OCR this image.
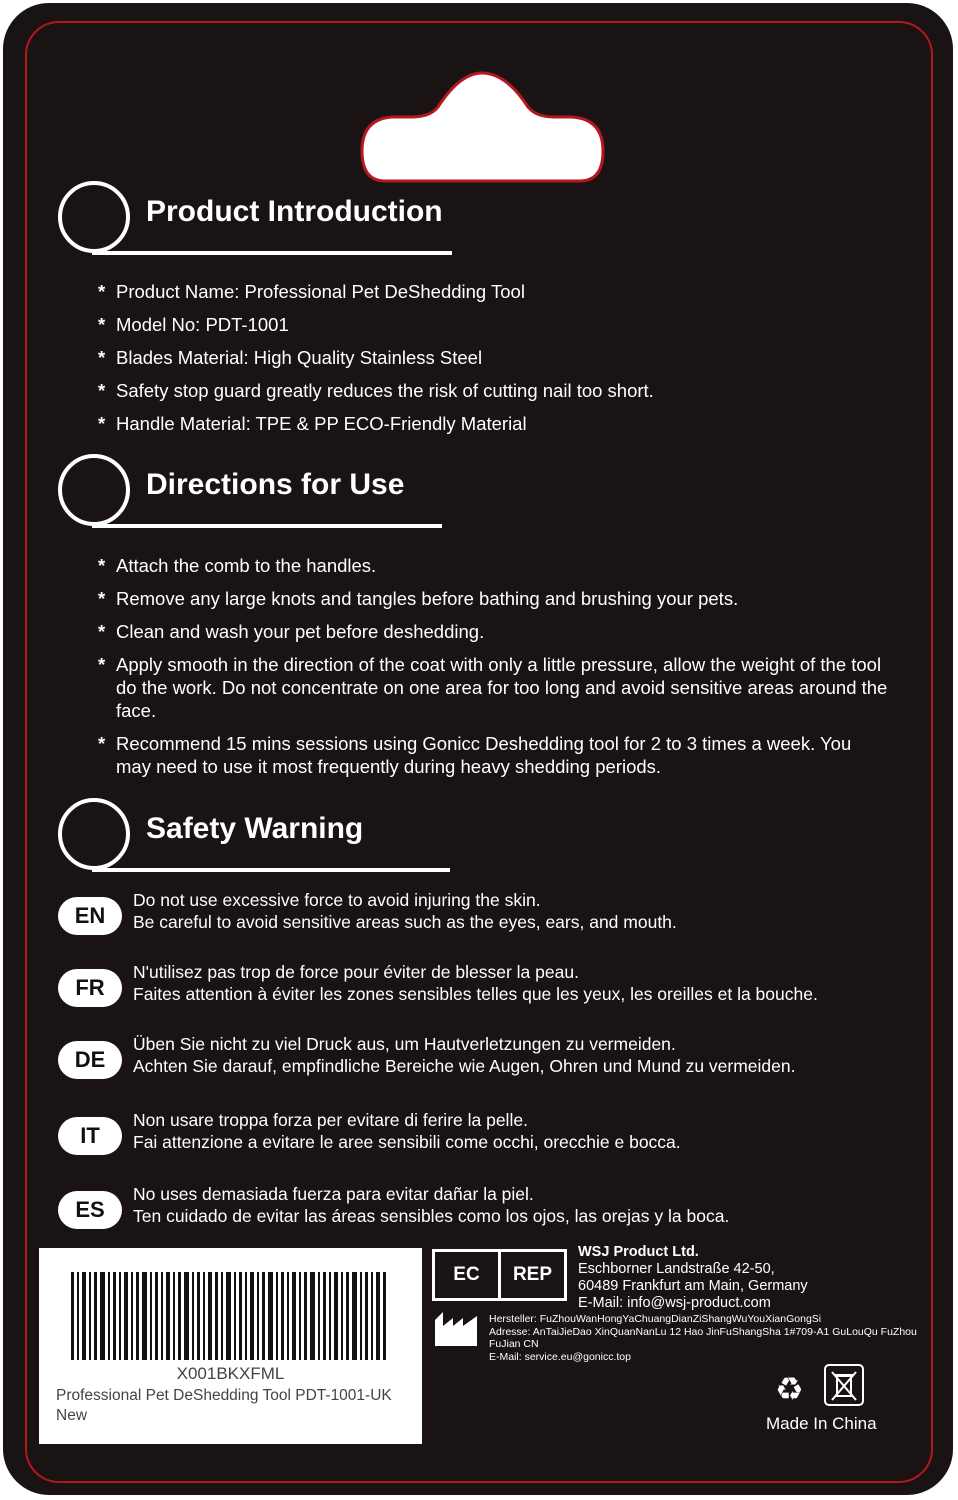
Product Introduction
* Product Name: Professional Pet DeShedding Tool
* Model No: PDT-1001
* Blades Material: High Quality Stainless Steel
* Safety stop guard greatly reduces the risk of cutting nail too short.
* Handle Material: TPE & PP ECO-Friendly Material
Directions for Use
* Attach the comb to the handles.
* Remove any large knots and tangles before bathing and brushing your pets.
* Clean and wash your pet before deshedding.
* Apply smooth in the direction of the coat with only a little pressure, allow the weight of the tool do the work. Do not concentrate on one area for too long and avoid sensitive areas around the face.
* Recommend 15 mins sessions using Gonicc Deshedding tool for 2 to 3 times a week. You may need to use it most frequently during heavy shedding periods.
Safety Warning
EN
Do not use excessive force to avoid injuring the skin.
Be careful to avoid sensitive areas such as the eyes, ears, and mouth.
FR
N'utilisez pas trop de force pour éviter de blesser la peau.
Faites attention à éviter les zones sensibles telles que les yeux, les oreilles et la bouche.
DE
Üben Sie nicht zu viel Druck aus, um Hautverletzungen zu vermeiden.
Achten Sie darauf, empfindliche Bereiche wie Augen, Ohren und Mund zu vermeiden.
IT
Non usare troppa forza per evitare di ferire la pelle.
Fai attenzione a evitare le aree sensibili come occhi, orecchie e bocca.
ES
No uses demasiada fuerza para evitar dañar la piel.
Ten cuidado de evitar las áreas sensibles como los ojos, las orejas y la boca.
X001BKXFML
Professional Pet DeShedding Tool PDT-1001-UK
New
EC	REP
WSJ Product Ltd.
Eschborner Landstraße 42-50,
60489 Frankfurt am Main, Germany
E-Mail: info@wsj-product.com
Hersteller: FuZhouWanHongYaChuangDianZiShangWuYouXianGongSi
Adresse: AnTaiJieDao XinQuanNanLu 12 Hao JinFuShangSha 1#709-A1 GuLouQu FuZhou
FuJian CN
E-Mail: service.eu@gonicc.top
♻
Made In China
